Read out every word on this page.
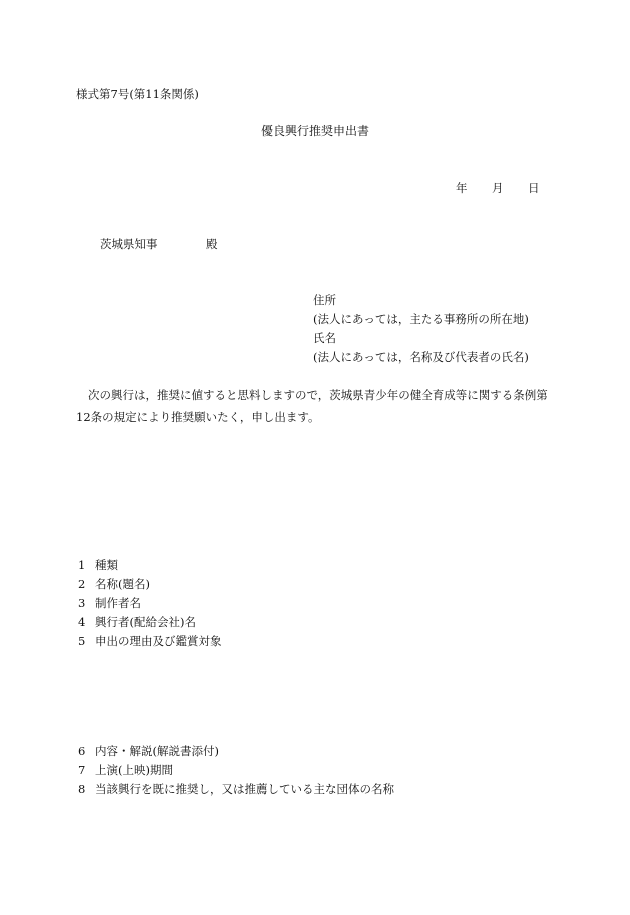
様式第7号(第11条関係)
優良興行推奨申出書
年 月 日
茨城県知事	殿
住所
(法人にあっては，主たる事務所の所在地)
氏名
(法人にあっては，名称及び代表者の氏名)
次の興行は，推奨に値すると思料しますので，茨城県青少年の健全育成等に関する条例第12条の規定により推奨願いたく，申し出ます。
1 種類
2 名称(題名)
3 制作者名
4 興行者(配給会社)名
5 申出の理由及び鑑賞対象
6 内容・解説(解説書添付)
7 上演(上映)期間
8 当該興行を既に推奨し，又は推薦している主な団体の名称
